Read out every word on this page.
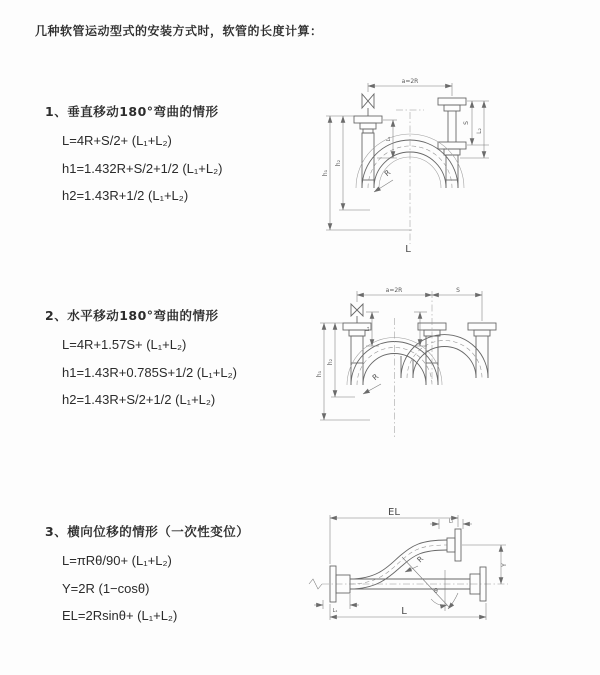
几种软管运动型式的安装方式时，软管的长度计算：
1、垂直移动180°弯曲的情形
L=4R+S/2+ (L₁+L₂)
h1=1.432R+S/2+1/2 (L₁+L₂)
h2=1.43R+1/2 (L₁+L₂)
2、水平移动180°弯曲的情形
L=4R+1.57S+ (L₁+L₂)
h1=1.43R+0.785S+1/2 (L₁+L₂)
h2=1.43R+S/2+1/2 (L₁+L₂)
3、横向位移的情形（一次性变位）
L=πRθ/90+ (L₁+L₂)
Y=2R (1−cosθ)
EL=2Rsinθ+ (L₁+L₂)
a=2R
S
L₂
L₁
h₁
h₂
R
L
a=2R	S
h₁
h₂
L₁
R
EL
L₂
Y
θ
R
L₁	L
